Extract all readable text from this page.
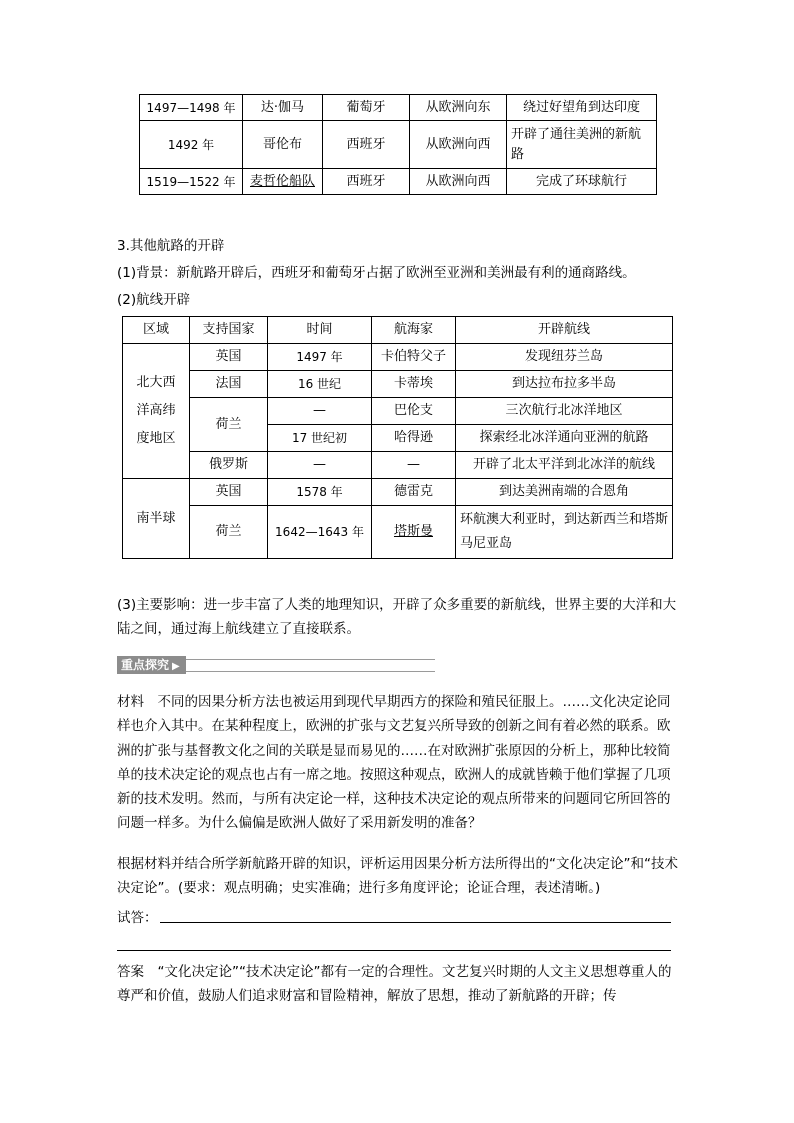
1497—1498 年	达·伽马	葡萄牙	从欧洲向东	绕过好望角到达印度
1492 年	哥伦布	西班牙	从欧洲向西	开辟了通往美洲的新航路
1519—1522 年	麦哲伦船队	西班牙	从欧洲向西	完成了环球航行
3.其他航路的开辟
(1)背景：新航路开辟后，西班牙和葡萄牙占据了欧洲至亚洲和美洲最有利的通商路线。
(2)航线开辟
区域	支持国家	时间	航海家	开辟航线
北大西洋高纬度地区	英国	1497 年	卡伯特父子	发现纽芬兰岛
	法国	16 世纪	卡蒂埃	到达拉布拉多半岛
	荷兰	—	巴伦支	三次航行北冰洋地区
		17 世纪初	哈得逊	探索经北冰洋通向亚洲的航路
	俄罗斯	—	—	开辟了北太平洋到北冰洋的航线
南半球	英国	1578 年	德雷克	到达美洲南端的合恩角
	荷兰	1642—1643 年	塔斯曼	环航澳大利亚时，到达新西兰和塔斯马尼亚岛
(3)主要影响：进一步丰富了人类的地理知识，开辟了众多重要的新航线，世界主要的大洋和大陆之间，通过海上航线建立了直接联系。
重点探究 ▶
材料　不同的因果分析方法也被运用到现代早期西方的探险和殖民征服上。……文化决定论同样也介入其中。在某种程度上，欧洲的扩张与文艺复兴所导致的创新之间有着必然的联系。欧洲的扩张与基督教文化之间的关联是显而易见的……在对欧洲扩张原因的分析上，那种比较简单的技术决定论的观点也占有一席之地。按照这种观点，欧洲人的成就皆赖于他们掌握了几项新的技术发明。然而，与所有决定论一样，这种技术决定论的观点所带来的问题同它所回答的问题一样多。为什么偏偏是欧洲人做好了采用新发明的准备？
根据材料并结合所学新航路开辟的知识，评析运用因果分析方法所得出的“文化决定论”和“技术决定论”。(要求：观点明确；史实准确；进行多角度评论；论证合理，表述清晰。)
试答：
答案　“文化决定论”“技术决定论”都有一定的合理性。文艺复兴时期的人文主义思想尊重人的尊严和价值，鼓励人们追求财富和冒险精神，解放了思想，推动了新航路的开辟；传
